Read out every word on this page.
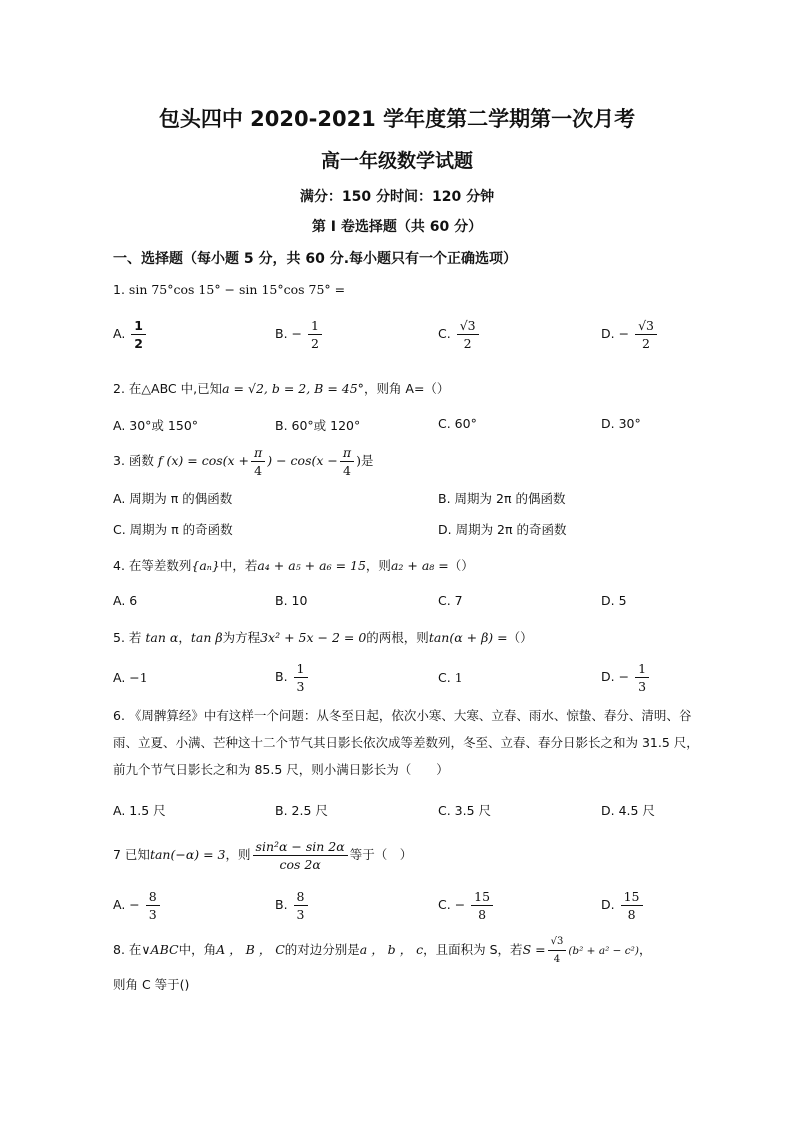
包头四中 2020-2021 学年度第二学期第一次月考
高一年级数学试题
满分：150 分时间：120 分钟
第 I 卷选择题（共 60 分）
一、选择题（每小题 5 分，共 60 分.每小题只有一个正确选项）
1. sin 75°cos 15° − sin 15°cos 75° =
A. $\frac{1}{2}$	B. − $\frac{1}{2}$	C. $\frac{√3}{2}$	D. − $\frac{√3}{2}$
2. 在△ABC 中,已知a = √2, b = 2, B = 45°，则角 A=（）
A. 30°或 150°	B. 60°或 120°	C. 60°	D. 30°
3. 函数 f $(x) = \cos(x + \frac{\pi}{4}$ ) − $\cos(x - \frac{\pi}{4}$ )是
A. 周期为 π 的偶函数	B. 周期为 2π 的偶函数
C. 周期为 π 的奇函数	D. 周期为 2π 的奇函数
4. 在等差数列{aₙ}中，若a₄ + a₅ + a₆ = 15，则a₂ + a₈ =（）
A. 6	B. 10	C. 7	D. 5
5. 若 tan α，tan β为方程3x² + 5x − 2 = 0的两根，则tan(α + β) =（）
A. −1	B. $\frac{1}{3}$	C. 1	D. − $\frac{1}{3}$
6. 《周髀算经》中有这样一个问题：从冬至日起，依次小寒、大寒、立春、雨水、惊蛰、春分、清明、谷雨、立夏、小满、芒种这十二个节气其日影长依次成等差数列，冬至、立春、春分日影长之和为 31.5 尺，前九个节气日影长之和为 85.5 尺，则小满日影长为（　　）
A. 1.5 尺	B. 2.5 尺	C. 3.5 尺	D. 4.5 尺
7 已知tan(−α) = 3，则 $\frac{\text{sin²α − sin 2α}}{\cos 2\alpha}$ 等于（　）
A. − $\frac{8}{3}$	B. $\frac{8}{3}$	C. − $\frac{15}{8}$	D. $\frac{15}{8}$
8. 在∨ABC中，角A ， B ， C的对边分别是a ， b ， c，且面积为 S，若$S = \frac{√3}{4} (b^2 + a^2 - c^2)$，
则角 C 等于()
